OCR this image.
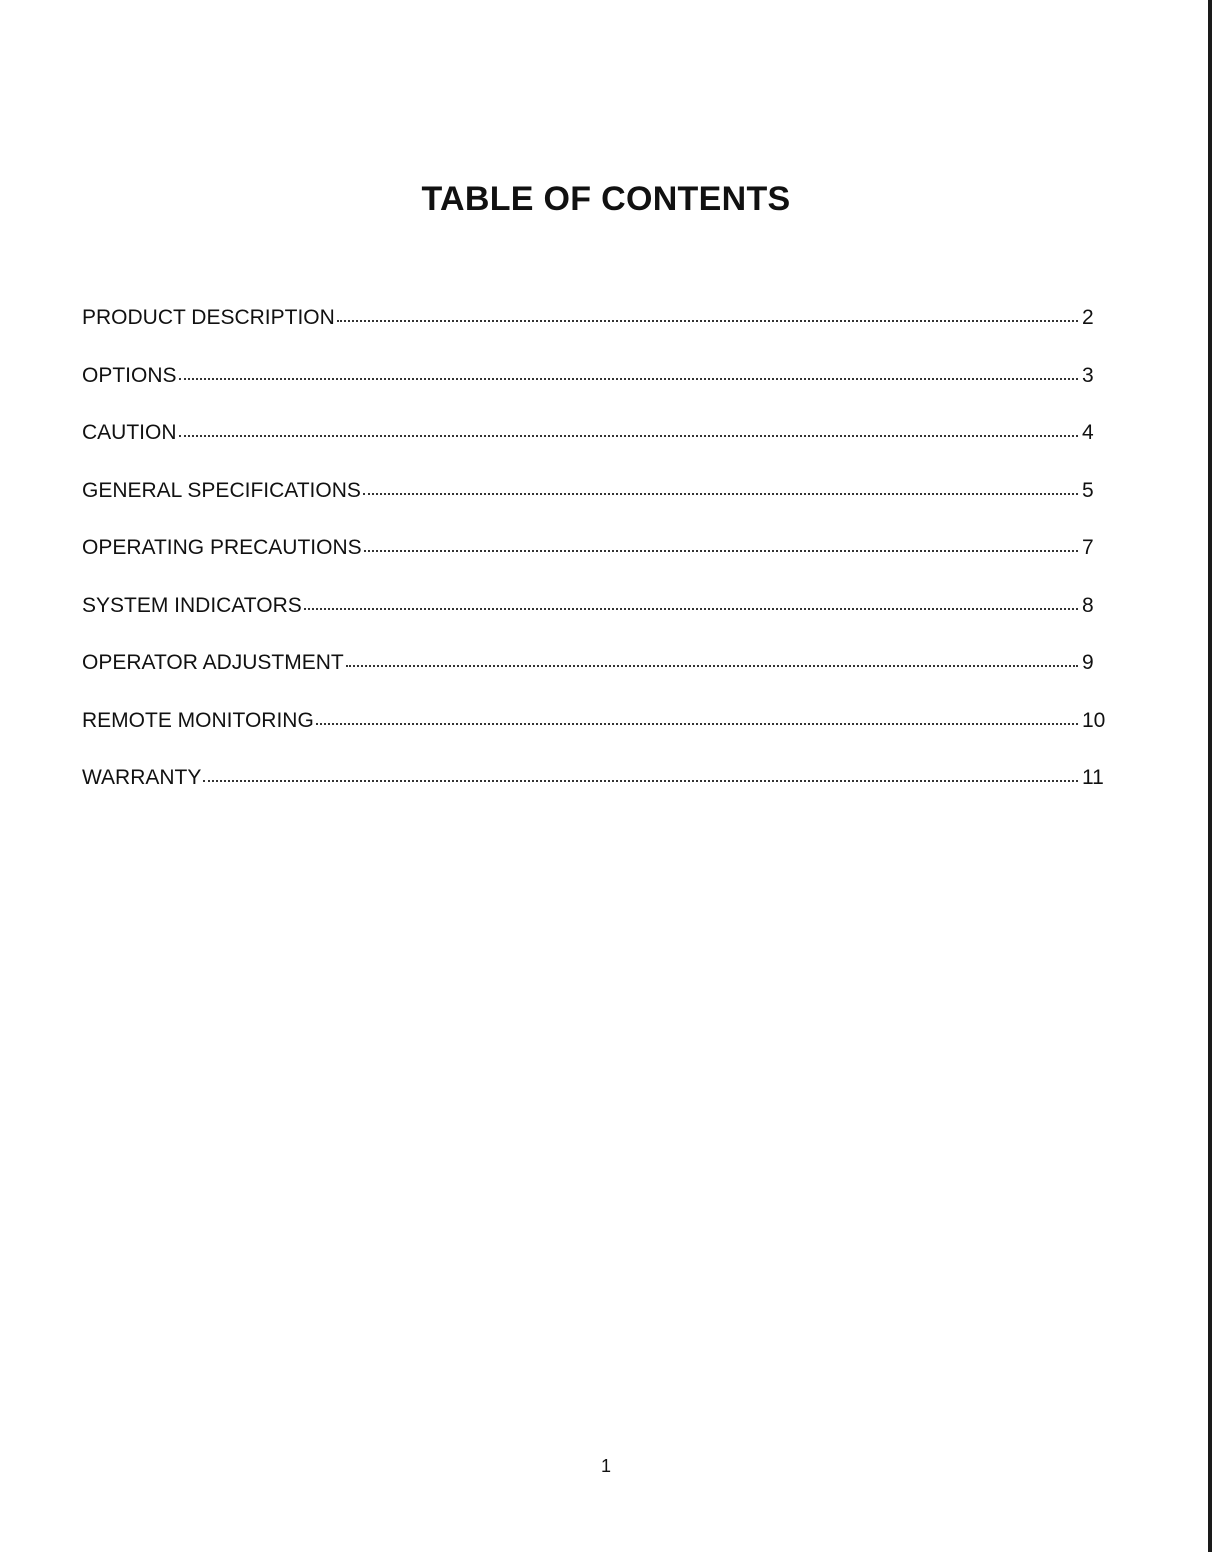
TABLE OF CONTENTS
PRODUCT DESCRIPTION	2
OPTIONS	3
CAUTION	4
GENERAL SPECIFICATIONS	5
OPERATING PRECAUTIONS	7
SYSTEM INDICATORS	8
OPERATOR ADJUSTMENT	9
REMOTE MONITORING	10
WARRANTY	11
1
